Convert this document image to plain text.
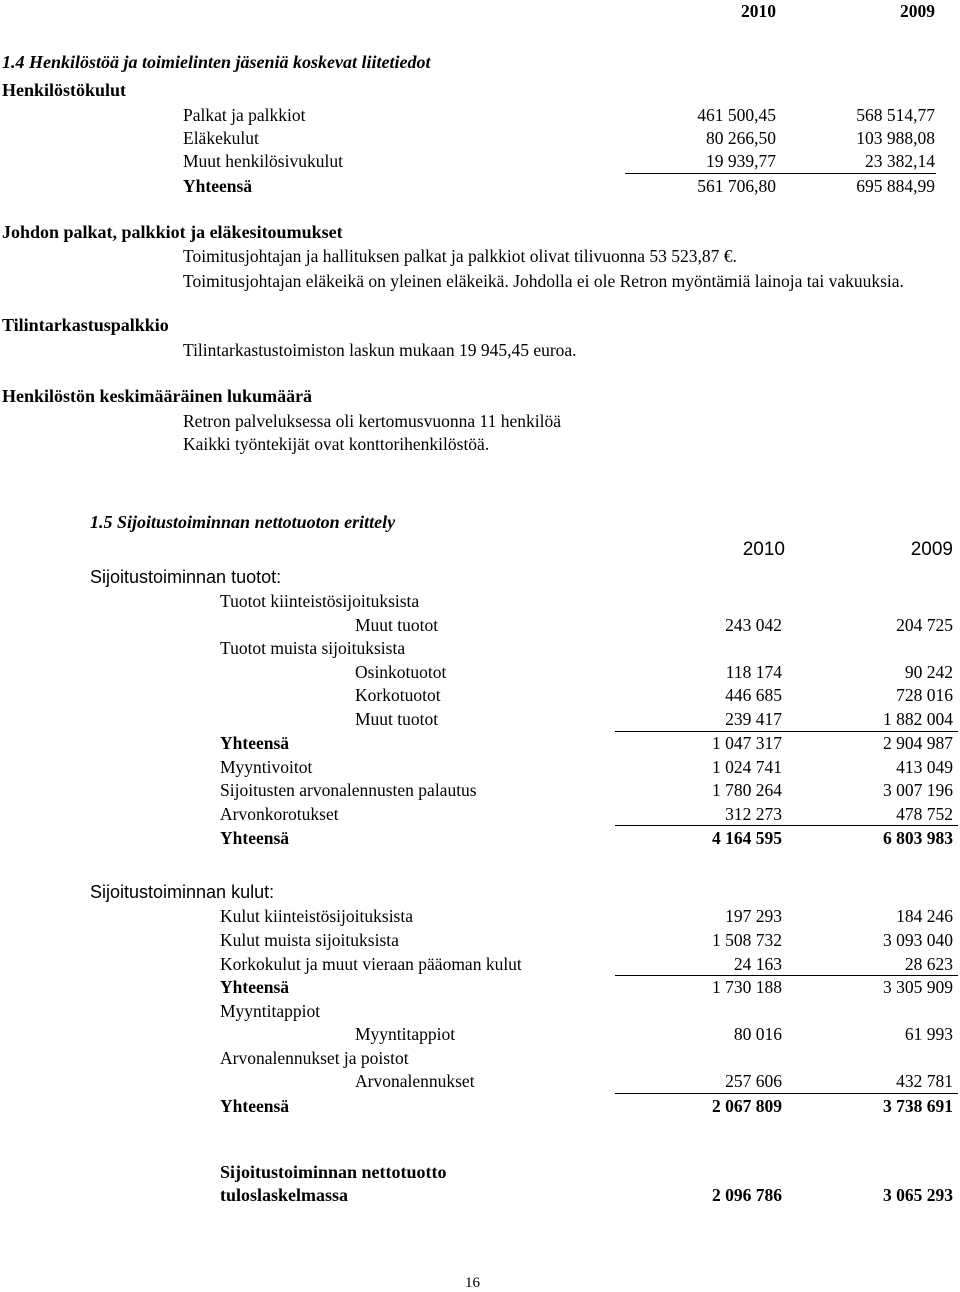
2010	2009
1.4 Henkilöstöä ja toimielinten jäseniä koskevat liitetiedot
Henkilöstökulut
Palkat ja palkkiot	461 500,45	568 514,77
Eläkekulut	80 266,50	103 988,08
Muut henkilösivukulut	19 939,77	23 382,14
Yhteensä	561 706,80	695 884,99
Johdon palkat, palkkiot ja eläkesitoumukset
Toimitusjohtajan ja hallituksen palkat ja palkkiot olivat tilivuonna 53 523,87 €.
Toimitusjohtajan eläkeikä on yleinen eläkeikä. Johdolla ei ole Retron myöntämiä lainoja tai vakuuksia.
Tilintarkastuspalkkio
Tilintarkastustoimiston laskun mukaan 19 945,45 euroa.
Henkilöstön keskimääräinen lukumäärä
Retron palveluksessa oli kertomusvuonna 11 henkilöä
Kaikki työntekijät ovat konttorihenkilöstöä.
1.5 Sijoitustoiminnan nettotuoton erittely
2010	2009
Sijoitustoiminnan tuotot:
Tuotot kiinteistösijoituksista
Muut tuotot	243 042	204 725
Tuotot muista sijoituksista
Osinkotuotot	118 174	90 242
Korkotuotot	446 685	728 016
Muut tuotot	239 417	1 882 004
Yhteensä	1 047 317	2 904 987
Myyntivoitot	1 024 741	413 049
Sijoitusten arvonalennusten palautus	1 780 264	3 007 196
Arvonkorotukset	312 273	478 752
Yhteensä	4 164 595	6 803 983
Sijoitustoiminnan kulut:
Kulut kiinteistösijoituksista	197 293	184 246
Kulut muista sijoituksista	1 508 732	3 093 040
Korkokulut ja muut vieraan pääoman kulut	24 163	28 623
Yhteensä	1 730 188	3 305 909
Myyntitappiot
Myyntitappiot	80 016	61 993
Arvonalennukset ja poistot
Arvonalennukset	257 606	432 781
Yhteensä	2 067 809	3 738 691
Sijoitustoiminnan nettotuotto
tuloslaskelmassa	2 096 786	3 065 293
16
